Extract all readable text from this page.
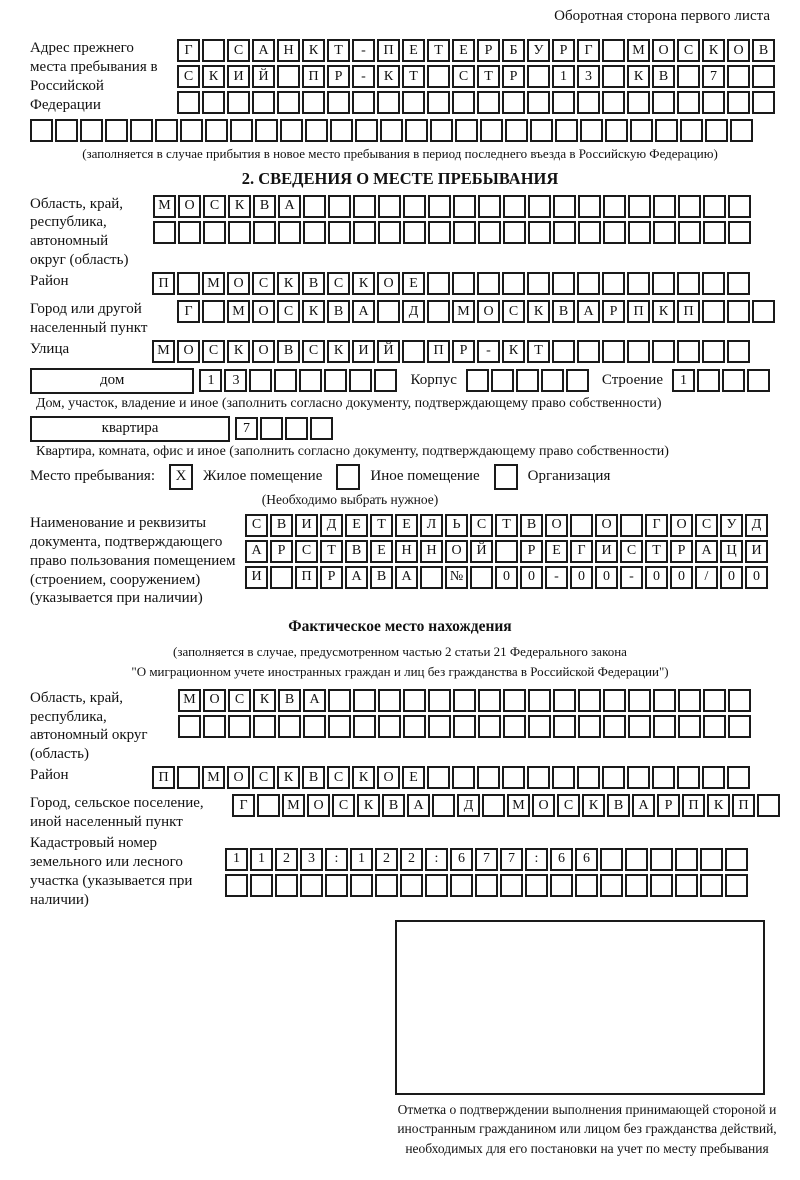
Оборотная сторона первого листа
Адрес прежнего места пребывания в Российской Федерации
Г	С	А	Н	К	Т	-	П	Е	Т	Е	Р	Б	У	Р	Г	М О	С	К	О	В
С	К	И	Й	П	Р	-	К	Т	С	Т	Р	1	3	К	В	7
(заполняется в случае прибытия в новое место пребывания в период последнего въезда в Российскую Федерацию)
2. СВЕДЕНИЯ О МЕСТЕ ПРЕБЫВАНИЯ
Область, край, республика, автономный округ (область)
М О	С	К	В	А
Район	П	М О	С	К	В	С	К	О	Е
Город или другой населенный пункт
Г	М О	С	К	В	А	Д	М О	С	К	В	А	Р	П	К	П
Улица	М О	С	К	О	В	С	К	И	Й	П	Р	-	К	Т
дом	1	3	Корпус	Строение	1
Дом, участок, владение и иное (заполнить согласно документу, подтверждающему право собственности)
квартира	7
Квартира, комната, офис и иное (заполнить согласно документу, подтверждающему право собственности)
Место пребывания:	X	Жилое помещение	Иное помещение	Организация
(Необходимо выбрать нужное)
Наименование и реквизиты документа, подтверждающего право пользования помещением (строением, сооружением) (указывается при наличии)
С	В	И	Д	Е	Т	Е	Л	Ь	С	Т	В	О	О	Г	О	С	У	Д
А	Р	С	Т	В	Е	Н	Н	О	Й	Р	Е	Г	И	С	Т	Р	А	Ц	И
И	П	Р	А	В	А	№	0	0	-	0	0	-	0	0	/	0	0
Фактическое место нахождения
(заполняется в случае, предусмотренном частью 2 статьи 21 Федерального закона
"О миграционном учете иностранных граждан и лиц без гражданства в Российской Федерации")
Область, край, республика, автономный округ (область)
М О	С	К	В	А
Район	П	М О	С	К	В	С	К	О	Е
Город, сельское поселение, иной населенный пункт
Г	М О	С	К	В	А	Д	М О	С	К	В	А	Р	П	К	П
Кадастровый номер земельного или лесного участка (указывается при наличии)
1	1	2	3	:	1	2	2	:	6	7	7	:	6	6
Отметка о подтверждении выполнения принимающей стороной и иностранным гражданином или лицом без гражданства действий, необходимых для его постановки на учет по месту пребывания
